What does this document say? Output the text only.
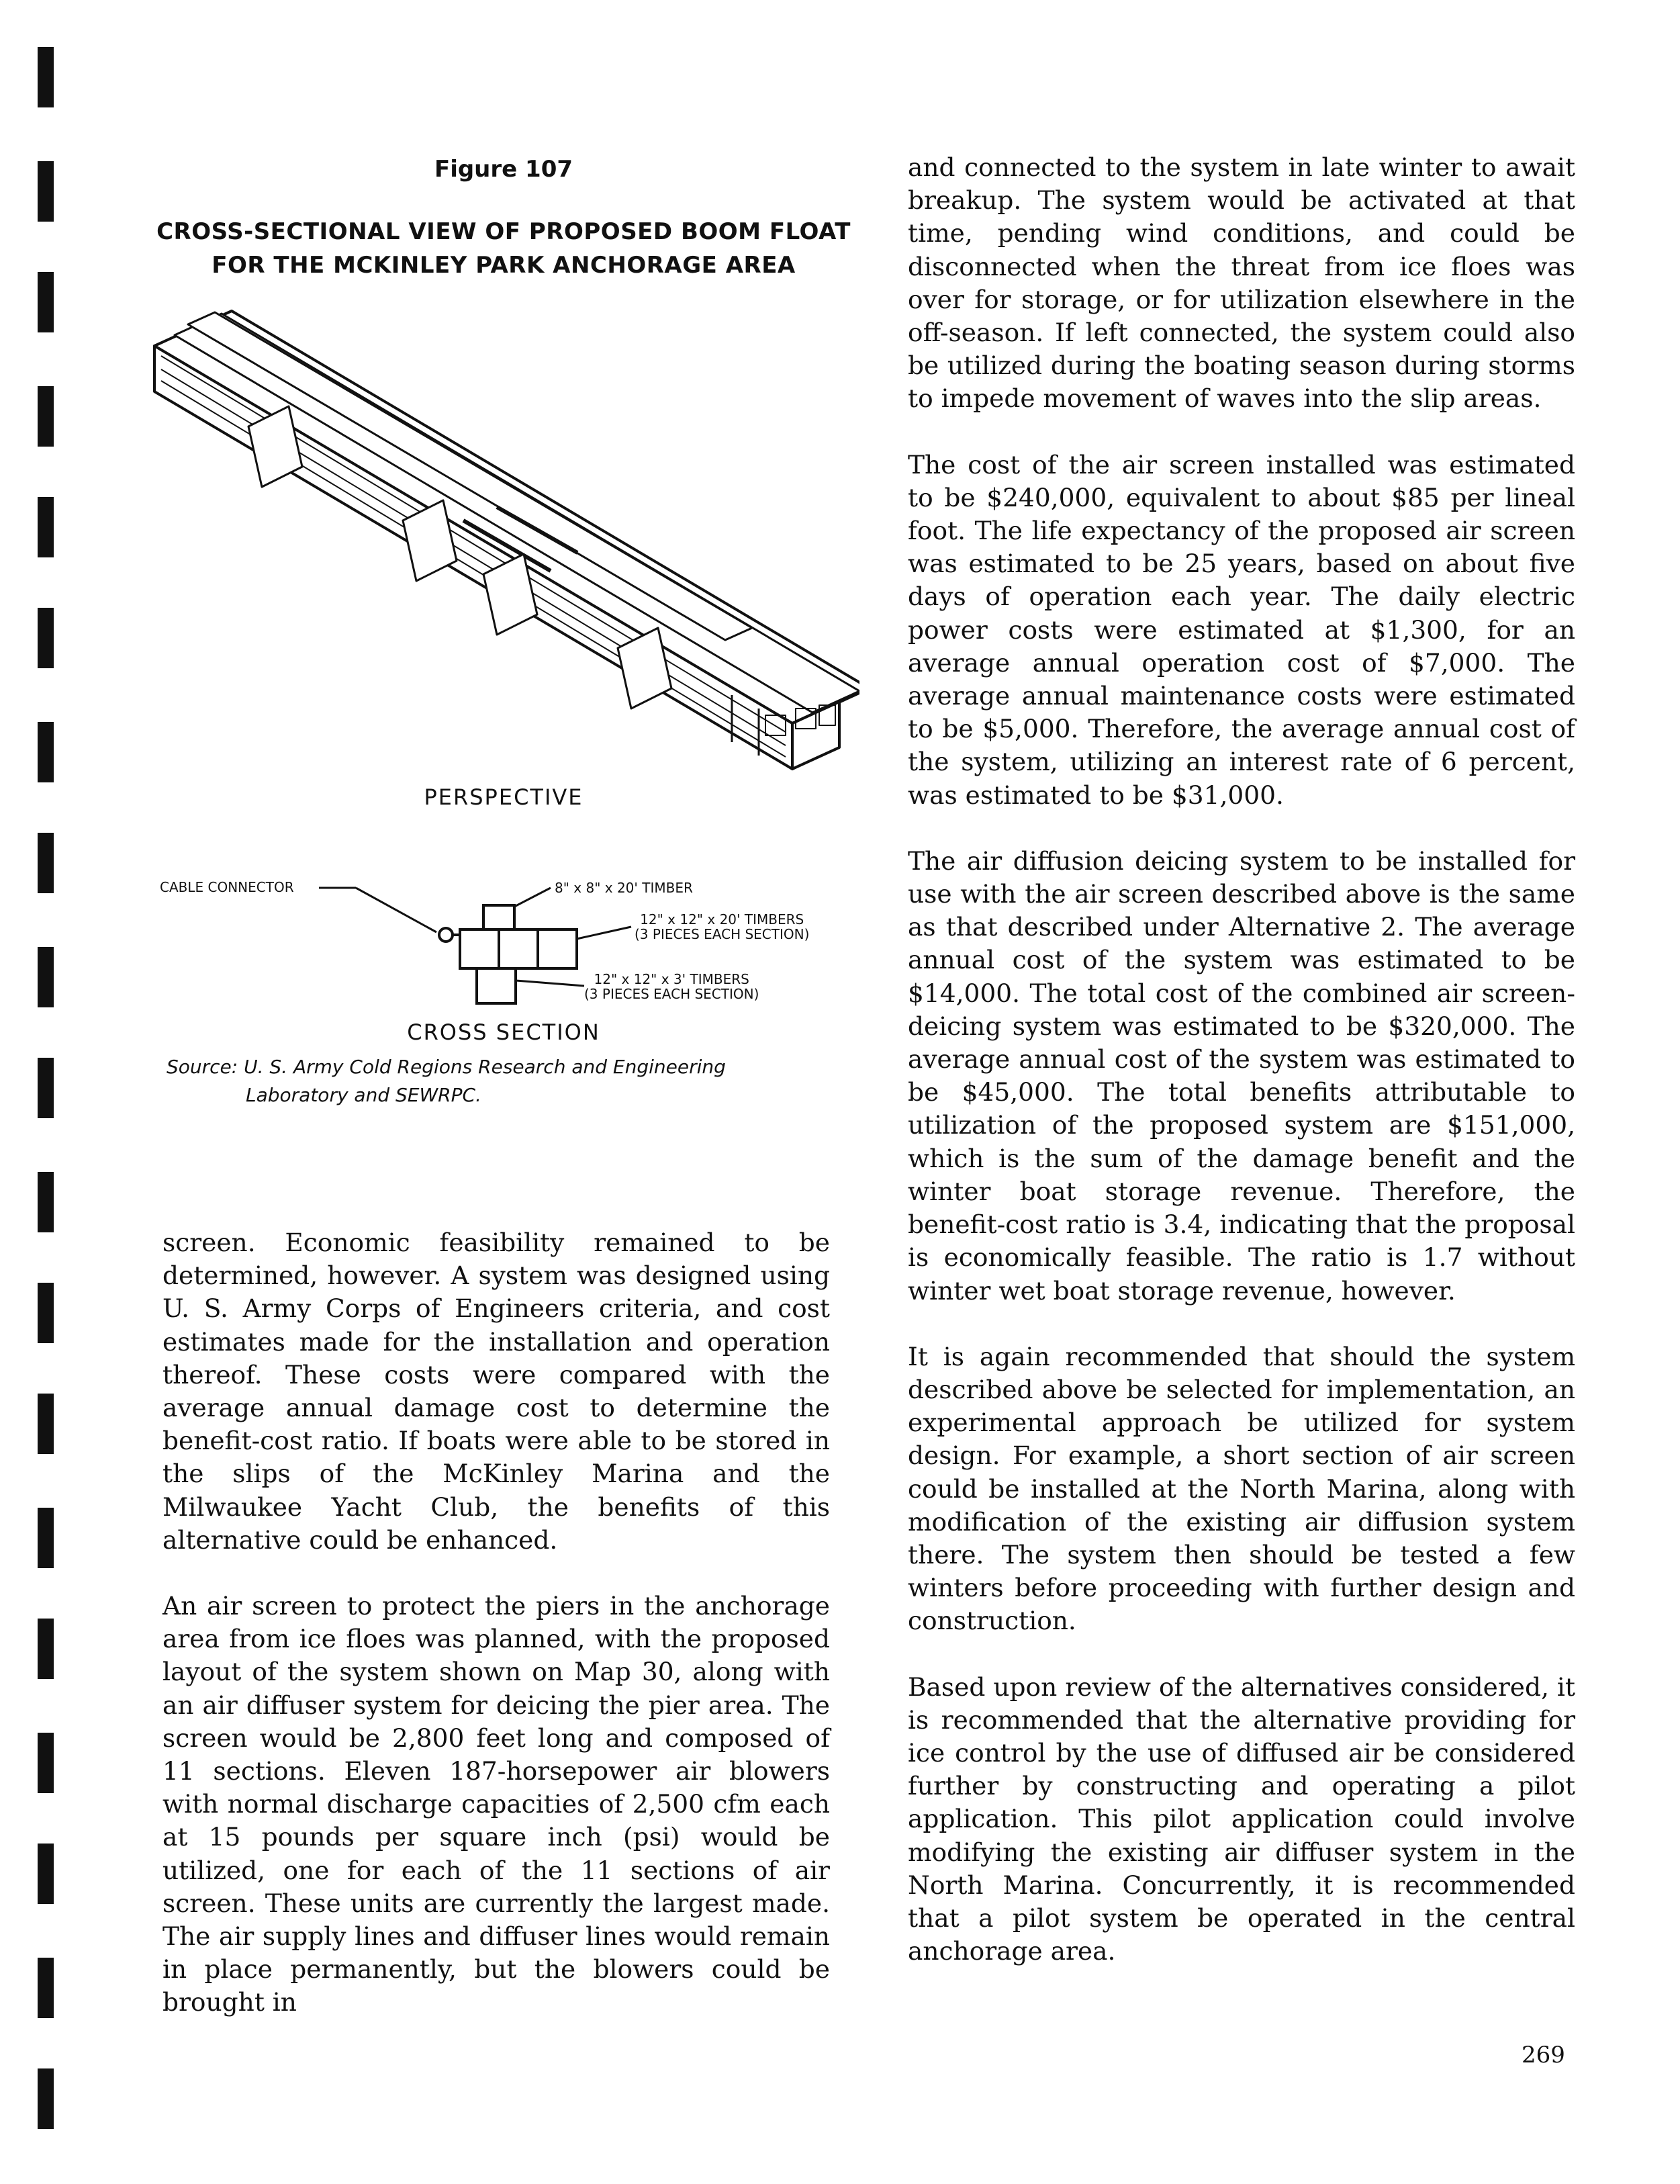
Figure 107
CROSS-SECTIONAL VIEW OF PROPOSED BOOM FLOAT
FOR THE MCKINLEY PARK ANCHORAGE AREA
PERSPECTIVE
CABLE CONNECTOR	8" x 8" x 20' TIMBER
12" x 12" x 20' TIMBERS
(3 PIECES EACH SECTION)
12" x 12" x 3' TIMBERS
(3 PIECES EACH SECTION)
CROSS SECTION
Source: U. S. Army Cold Regions Research and Engineering
Laboratory and SEWRPC.

screen. Economic feasibility remained to be determined, however. A system was designed using U. S. Army Corps of Engineers criteria, and cost estimates made for the installation and operation thereof. These costs were compared with the average annual damage cost to determine the benefit-cost ratio. If boats were able to be stored in the slips of the McKinley Marina and the Milwaukee Yacht Club, the benefits of this alternative could be enhanced.

An air screen to protect the piers in the anchorage area from ice floes was planned, with the proposed layout of the system shown on Map 30, along with an air diffuser system for deicing the pier area. The screen would be 2,800 feet long and composed of 11 sections. Eleven 187-horsepower air blowers with normal discharge capacities of 2,500 cfm each at 15 pounds per square inch (psi) would be utilized, one for each of the 11 sections of air screen. These units are currently the largest made. The air supply lines and diffuser lines would remain in place permanently, but the blowers could be brought in

and connected to the system in late winter to await breakup. The system would be activated at that time, pending wind conditions, and could be disconnected when the threat from ice floes was over for storage, or for utilization elsewhere in the off-season. If left connected, the system could also be utilized during the boating season during storms to impede movement of waves into the slip areas.

The cost of the air screen installed was estimated to be $240,000, equivalent to about $85 per lineal foot. The life expectancy of the proposed air screen was estimated to be 25 years, based on about five days of operation each year. The daily electric power costs were estimated at $1,300, for an average annual operation cost of $7,000. The average annual maintenance costs were estimated to be $5,000. Therefore, the average annual cost of the system, utilizing an interest rate of 6 percent, was estimated to be $31,000.

The air diffusion deicing system to be installed for use with the air screen described above is the same as that described under Alternative 2. The average annual cost of the system was estimated to be $14,000. The total cost of the combined air screen-deicing system was estimated to be $320,000. The average annual cost of the system was estimated to be $45,000. The total benefits attributable to utilization of the proposed system are $151,000, which is the sum of the damage benefit and the winter boat storage revenue. Therefore, the benefit-cost ratio is 3.4, indicating that the proposal is economically feasible. The ratio is 1.7 without winter wet boat storage revenue, however.

It is again recommended that should the system described above be selected for implementation, an experimental approach be utilized for system design. For example, a short section of air screen could be installed at the North Marina, along with modification of the existing air diffusion system there. The system then should be tested a few winters before proceeding with further design and construction.

Based upon review of the alternatives considered, it is recommended that the alternative providing for ice control by the use of diffused air be considered further by constructing and operating a pilot application. This pilot application could involve modifying the existing air diffuser system in the North Marina. Concurrently, it is recommended that a pilot system be operated in the central anchorage area.

269
